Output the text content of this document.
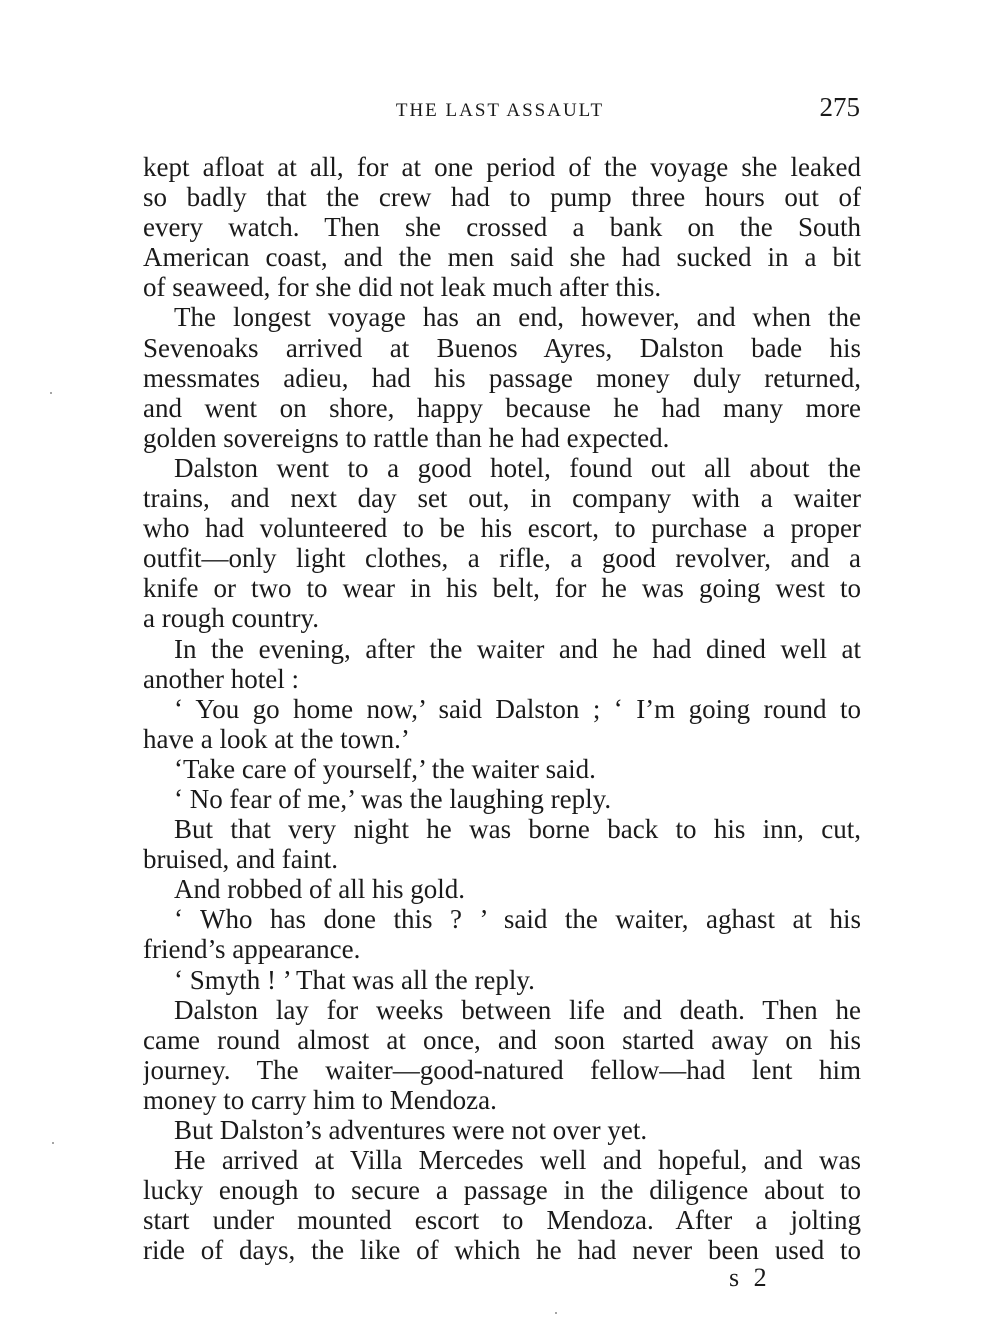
THE LAST ASSAULT	275
kept afloat at all, for at one period of the voyage she leaked
so badly that the crew had to pump three hours out of
every watch. Then she crossed a bank on the South
American coast, and the men said she had sucked in a bit
of seaweed, for she did not leak much after this.
The longest voyage has an end, however, and when the
Sevenoaks arrived at Buenos Ayres, Dalston bade his
messmates adieu, had his passage money duly returned,
and went on shore, happy because he had many more
golden sovereigns to rattle than he had expected.
Dalston went to a good hotel, found out all about the
trains, and next day set out, in company with a waiter
who had volunteered to be his escort, to purchase a proper
outfit—only light clothes, a rifle, a good revolver, and a
knife or two to wear in his belt, for he was going west to
a rough country.
In the evening, after the waiter and he had dined well at
another hotel :
‘ You go home now,’ said Dalston ; ‘ I’m going round to
have a look at the town.’
‘Take care of yourself,’ the waiter said.
‘ No fear of me,’ was the laughing reply.
But that very night he was borne back to his inn, cut,
bruised, and faint.
And robbed of all his gold.
‘ Who has done this ? ’ said the waiter, aghast at his
friend’s appearance.
‘ Smyth ! ’ That was all the reply.
Dalston lay for weeks between life and death. Then he
came round almost at once, and soon started away on his
journey. The waiter—good-natured fellow—had lent him
money to carry him to Mendoza.
But Dalston’s adventures were not over yet.
He arrived at Villa Mercedes well and hopeful, and was
lucky enough to secure a passage in the diligence about to
start under mounted escort to Mendoza. After a jolting
ride of days, the like of which he had never been used to
s 2
